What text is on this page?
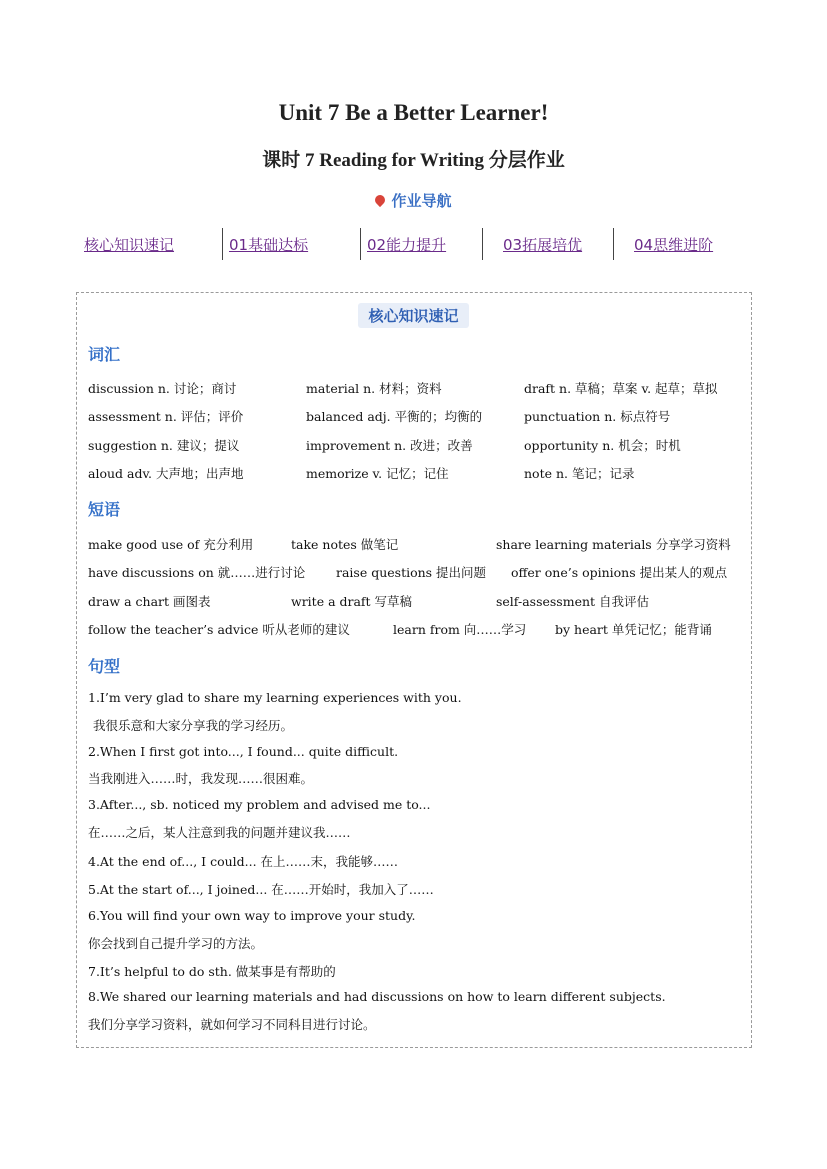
Unit 7 Be a Better Learner!
课时 7 Reading for Writing 分层作业
作业导航
核心知识速记	01基础达标	02能力提升	03拓展培优	04思维进阶
核心知识速记
词汇
discussion n. 讨论；商讨	material n. 材料；资料	draft n. 草稿；草案 v. 起草；草拟
assessment n. 评估；评价	balanced adj. 平衡的；均衡的	punctuation n. 标点符号
suggestion n. 建议；提议	improvement n. 改进；改善	opportunity n. 机会；时机
aloud adv. 大声地；出声地	memorize v. 记忆；记住	note n. 笔记；记录
短语
make good use of 充分利用	take notes 做笔记	share learning materials 分享学习资料
have discussions on 就……进行讨论 raise questions 提出问题 offer one’s opinions 提出某人的观点
draw a chart 画图表	write a draft 写草稿	self-assessment 自我评估
follow the teacher’s advice 听从老师的建议	learn from 向……学习 by heart 单凭记忆；能背诵
句型
1.I’m very glad to share my learning experiences with you.
我很乐意和大家分享我的学习经历。
2.When I first got into..., I found... quite difficult.
当我刚进入……时，我发现……很困难。
3.After..., sb. noticed my problem and advised me to...
在……之后，某人注意到我的问题并建议我……
4.At the end of..., I could... 在上……末，我能够……
5.At the start of..., I joined... 在……开始时，我加入了……
6.You will find your own way to improve your study.
你会找到自己提升学习的方法。
7.It’s helpful to do sth. 做某事是有帮助的
8.We shared our learning materials and had discussions on how to learn different subjects.
我们分享学习资料，就如何学习不同科目进行讨论。
